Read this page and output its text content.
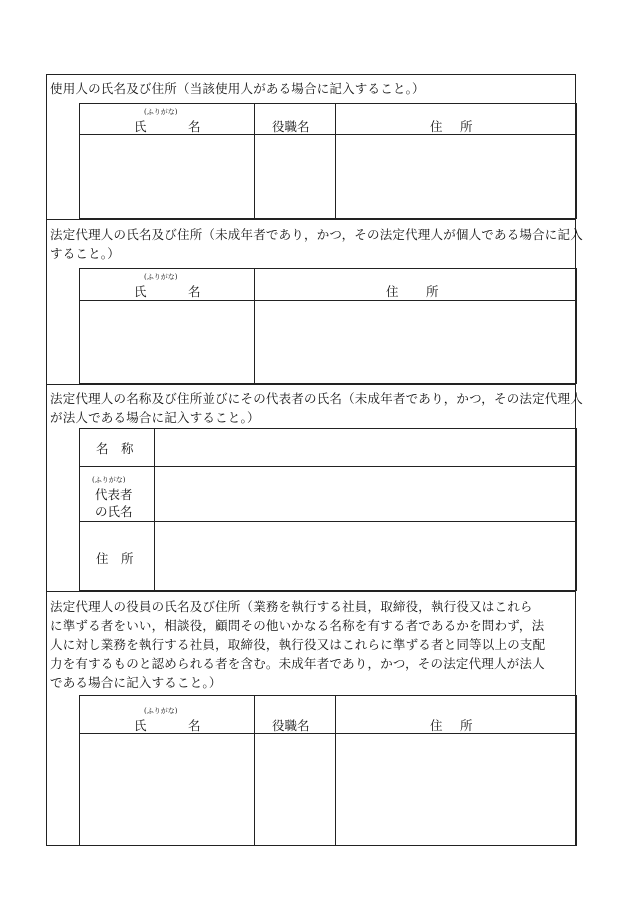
使用人の氏名及び住所（当該使用人がある場合に記入すること。）
(ふりがな)
氏	名	役職名	住 所
法定代理人の氏名及び住所（未成年者であり，かつ，その法定代理人が個人である場合に記入
すること。）
(ふりがな)
氏	名	住 所
法定代理人の名称及び住所並びにその代表者の氏名（未成年者であり，かつ，その法定代理人
が法人である場合に記入すること。）
名　称
(ふりがな)
代表者
の氏名
住　所
法定代理人の役員の氏名及び住所（業務を執行する社員，取締役，執行役又はこれら
に準ずる者をいい，相談役，顧問その他いかなる名称を有する者であるかを問わず，法
人に対し業務を執行する社員，取締役，執行役又はこれらに準ずる者と同等以上の支配
力を有するものと認められる者を含む。未成年者であり，かつ，その法定代理人が法人
である場合に記入すること。）
(ふりがな)
氏	名	役職名	住 所
